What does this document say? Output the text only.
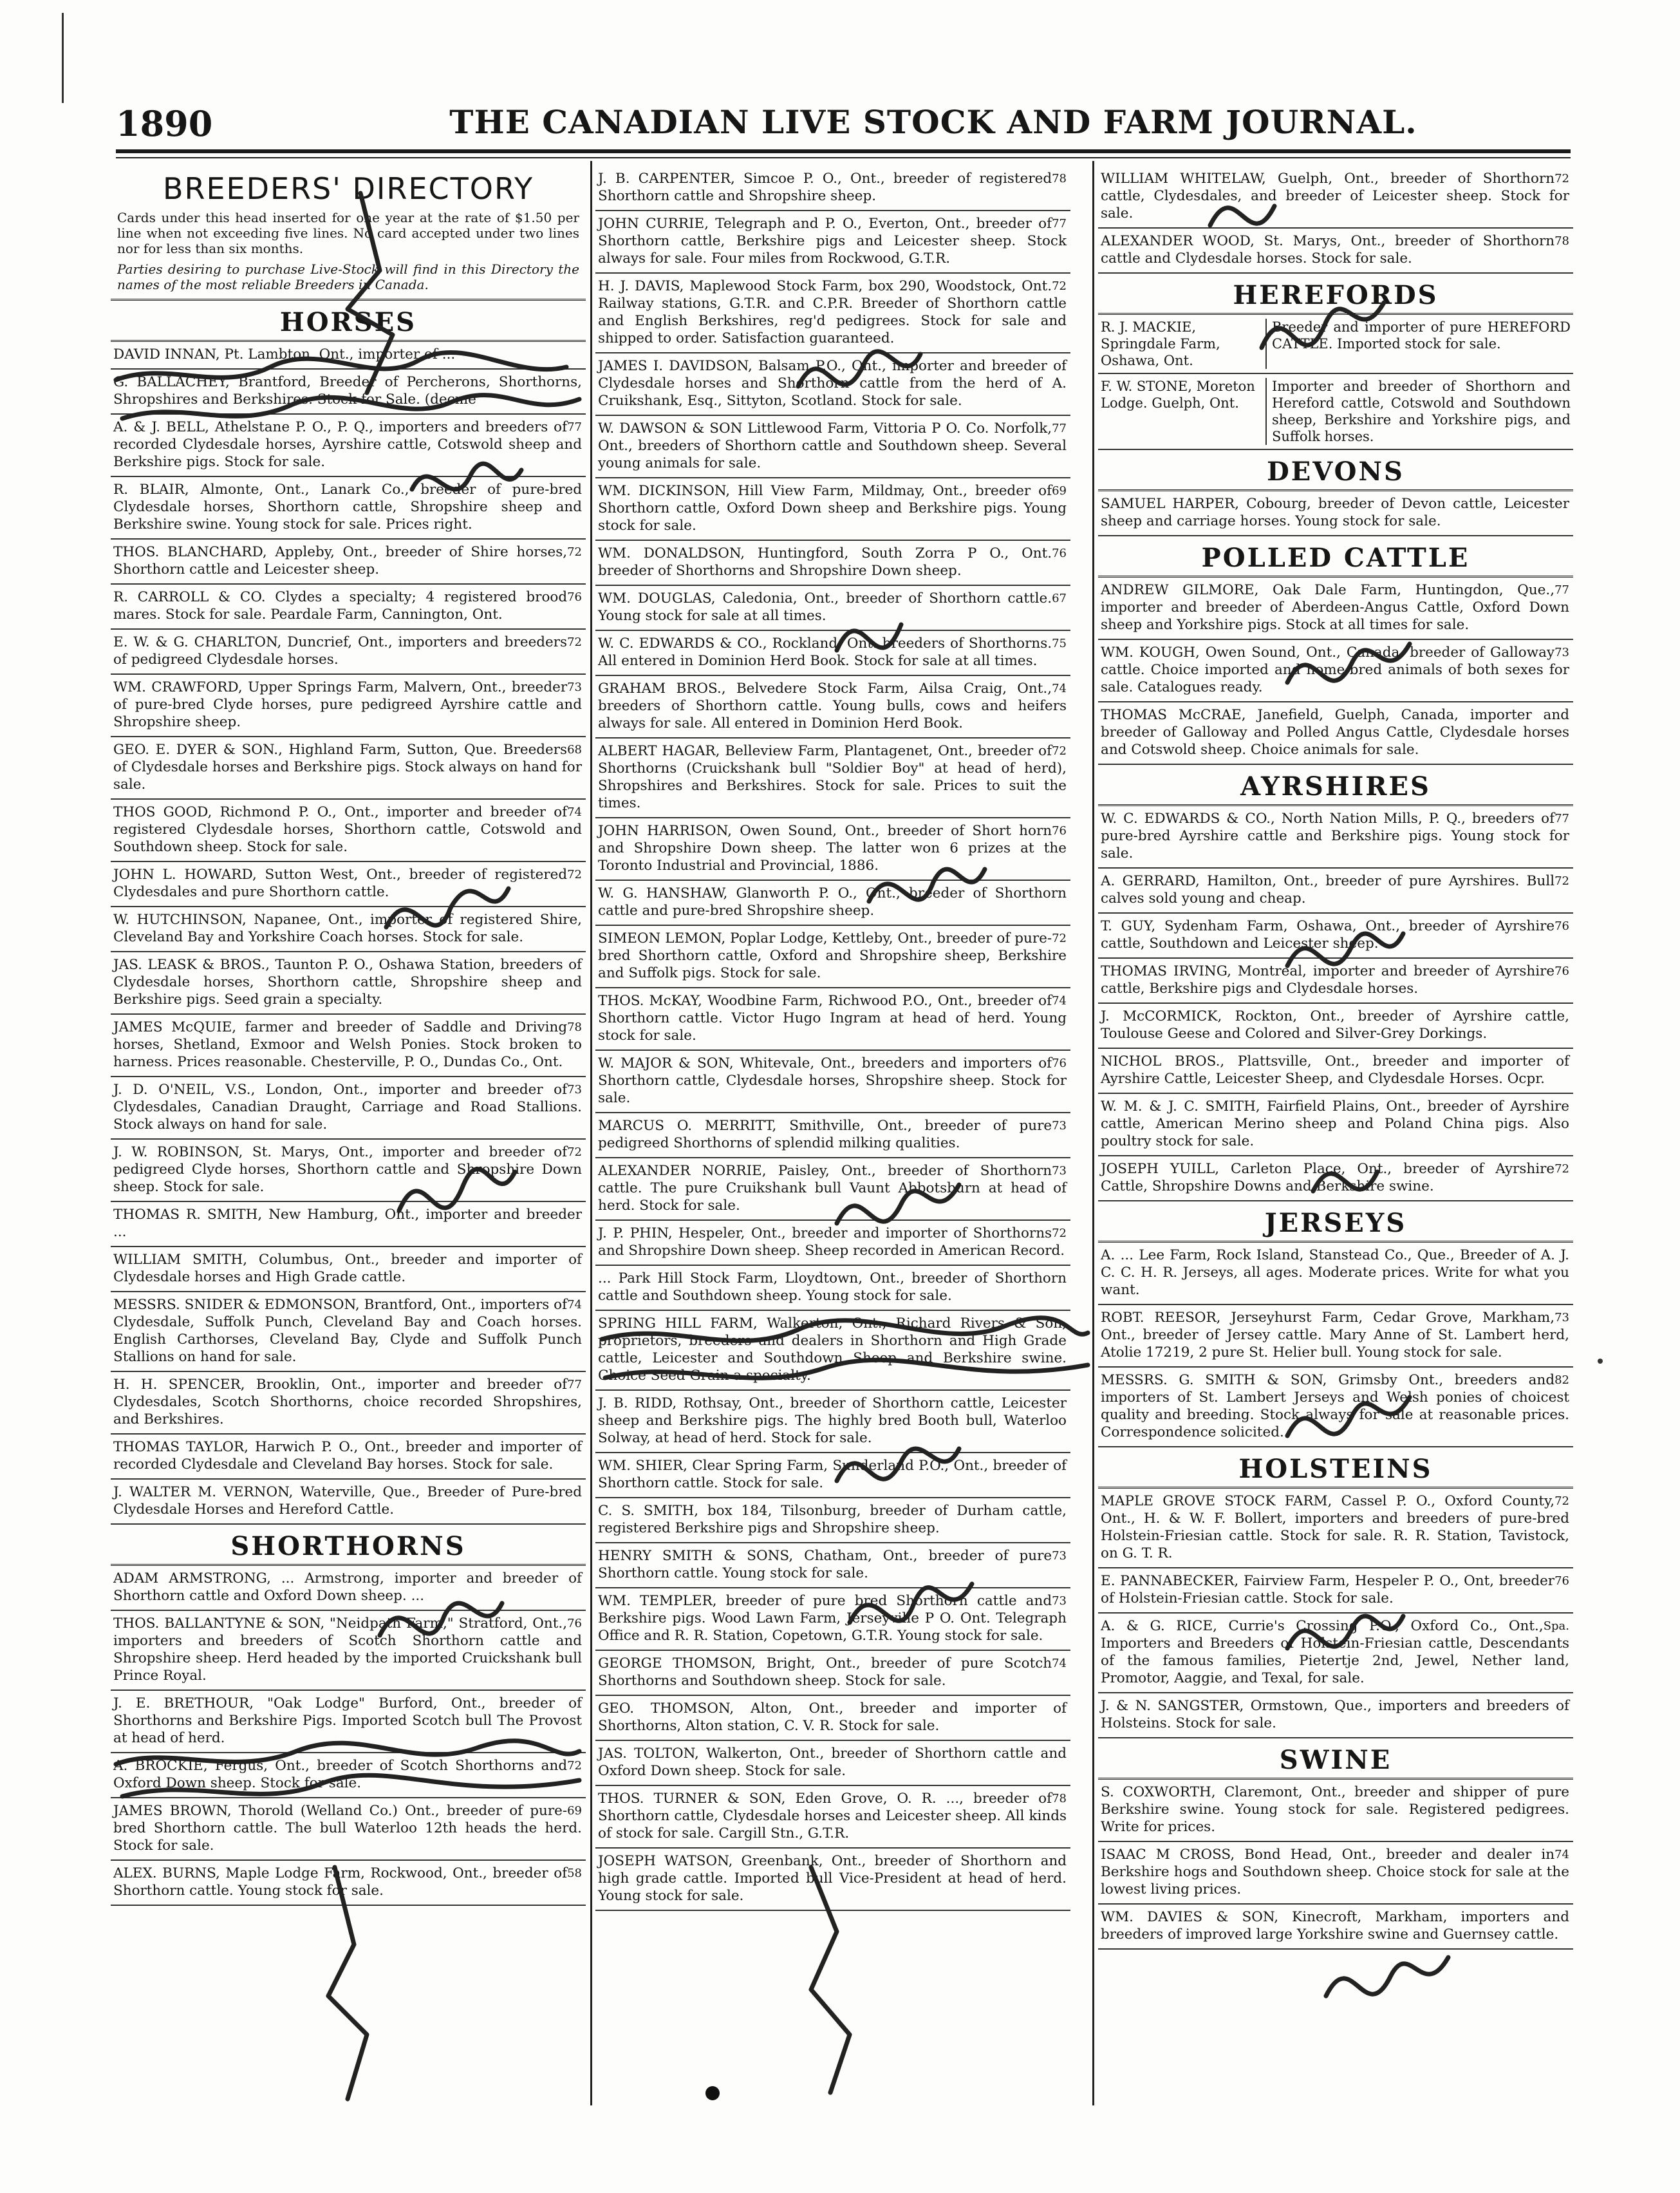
1890	THE CANADIAN LIVE STOCK AND FARM JOURNAL.
BREEDERS' DIRECTORY
Cards under this head inserted for one year at the rate of $1.50 per line when not exceeding five lines. No card accepted under two lines nor for less than six months.
Parties desiring to purchase Live-Stock will find in this Directory the names of the most reliable Breeders in Canada.
HORSES
DAVID INNAN, Pt. Lambton, Ont., importer of ...
G. BALLACHEY, Brantford, Breeder of Percherons, Shorthorns, Shropshires and Berkshires. Stock for Sale. (decme
77
A. & J. BELL, Athelstane P. O., P. Q., importers and breeders of recorded Clydesdale horses, Ayrshire cattle, Cotswold sheep and Berkshire pigs. Stock for sale.
R. BLAIR, Almonte, Ont., Lanark Co., breeder of pure-bred Clydesdale horses, Shorthorn cattle, Shropshire sheep and Berkshire swine. Young stock for sale. Prices right.
72
THOS. BLANCHARD, Appleby, Ont., breeder of Shire horses, Shorthorn cattle and Leicester sheep.
76
R. CARROLL & CO. Clydes a specialty; 4 registered brood mares. Stock for sale. Peardale Farm, Cannington, Ont.
72
E. W. & G. CHARLTON, Duncrief, Ont., importers and breeders of pedigreed Clydesdale horses.
73
WM. CRAWFORD, Upper Springs Farm, Malvern, Ont., breeder of pure-bred Clyde horses, pure pedigreed Ayrshire cattle and Shropshire sheep.
68
GEO. E. DYER & SON., Highland Farm, Sutton, Que. Breeders of Clydesdale horses and Berkshire pigs. Stock always on hand for sale.
74
THOS GOOD, Richmond P. O., Ont., importer and breeder of registered Clydesdale horses, Shorthorn cattle, Cotswold and Southdown sheep. Stock for sale.
72
JOHN L. HOWARD, Sutton West, Ont., breeder of registered Clydesdales and pure Shorthorn cattle.
W. HUTCHINSON, Napanee, Ont., importer of registered Shire, Cleveland Bay and Yorkshire Coach horses. Stock for sale.
JAS. LEASK & BROS., Taunton P. O., Oshawa Station, breeders of Clydesdale horses, Shorthorn cattle, Shropshire sheep and Berkshire pigs. Seed grain a specialty.
78
JAMES McQUIE, farmer and breeder of Saddle and Driving horses, Shetland, Exmoor and Welsh Ponies. Stock broken to harness. Prices reasonable. Chesterville, P. O., Dundas Co., Ont.
73
J. D. O'NEIL, V.S., London, Ont., importer and breeder of Clydesdales, Canadian Draught, Carriage and Road Stallions. Stock always on hand for sale.
72
J. W. ROBINSON, St. Marys, Ont., importer and breeder of pedigreed Clyde horses, Shorthorn cattle and Shropshire Down sheep. Stock for sale.
THOMAS R. SMITH, New Hamburg, Ont., importer and breeder ...
WILLIAM SMITH, Columbus, Ont., breeder and importer of Clydesdale horses and High Grade cattle.
74
MESSRS. SNIDER & EDMONSON, Brantford, Ont., importers of Clydesdale, Suffolk Punch, Cleveland Bay and Coach horses. English Carthorses, Cleveland Bay, Clyde and Suffolk Punch Stallions on hand for sale.
77
H. H. SPENCER, Brooklin, Ont., importer and breeder of Clydesdales, Scotch Shorthorns, choice recorded Shropshires, and Berkshires.
THOMAS TAYLOR, Harwich P. O., Ont., breeder and importer of recorded Clydesdale and Cleveland Bay horses. Stock for sale.
J. WALTER M. VERNON, Waterville, Que., Breeder of Pure-bred Clydesdale Horses and Hereford Cattle.
SHORTHORNS
ADAM ARMSTRONG, ... Armstrong, importer and breeder of Shorthorn cattle and Oxford Down sheep. ...
76
THOS. BALLANTYNE & SON, "Neidpath Farm," Stratford, Ont., importers and breeders of Scotch Shorthorn cattle and Shropshire sheep. Herd headed by the imported Cruickshank bull Prince Royal.
J. E. BRETHOUR, "Oak Lodge" Burford, Ont., breeder of Shorthorns and Berkshire Pigs. Imported Scotch bull The Provost at head of herd.
72
A. BROCKIE, Fergus, Ont., breeder of Scotch Shorthorns and Oxford Down sheep. Stock for sale.
69
JAMES BROWN, Thorold (Welland Co.) Ont., breeder of pure-bred Shorthorn cattle. The bull Waterloo 12th heads the herd. Stock for sale.
58
ALEX. BURNS, Maple Lodge Farm, Rockwood, Ont., breeder of Shorthorn cattle. Young stock for sale.
78
J. B. CARPENTER, Simcoe P. O., Ont., breeder of registered Shorthorn cattle and Shropshire sheep.
77
JOHN CURRIE, Telegraph and P. O., Everton, Ont., breeder of Shorthorn cattle, Berkshire pigs and Leicester sheep. Stock always for sale. Four miles from Rockwood, G.T.R.
72
H. J. DAVIS, Maplewood Stock Farm, box 290, Woodstock, Ont. Railway stations, G.T.R. and C.P.R. Breeder of Shorthorn cattle and English Berkshires, reg'd pedigrees. Stock for sale and shipped to order. Satisfaction guaranteed.
JAMES I. DAVIDSON, Balsam P.O., Ont., importer and breeder of Clydesdale horses and Shorthorn cattle from the herd of A. Cruikshank, Esq., Sittyton, Scotland. Stock for sale.
77
W. DAWSON & SON Littlewood Farm, Vittoria P O. Co. Norfolk, Ont., breeders of Shorthorn cattle and Southdown sheep. Several young animals for sale.
69
WM. DICKINSON, Hill View Farm, Mildmay, Ont., breeder of Shorthorn cattle, Oxford Down sheep and Berkshire pigs. Young stock for sale.
76
WM. DONALDSON, Huntingford, South Zorra P O., Ont. breeder of Shorthorns and Shropshire Down sheep.
67
WM. DOUGLAS, Caledonia, Ont., breeder of Shorthorn cattle. Young stock for sale at all times.
75
W. C. EDWARDS & CO., Rockland, Ont. breeders of Shorthorns. All entered in Dominion Herd Book. Stock for sale at all times.
74
GRAHAM BROS., Belvedere Stock Farm, Ailsa Craig, Ont., breeders of Shorthorn cattle. Young bulls, cows and heifers always for sale. All entered in Dominion Herd Book.
72
ALBERT HAGAR, Belleview Farm, Plantagenet, Ont., breeder of Shorthorns (Cruickshank bull "Soldier Boy" at head of herd), Shropshires and Berkshires. Stock for sale. Prices to suit the times.
76
JOHN HARRISON, Owen Sound, Ont., breeder of Short horn and Shropshire Down sheep. The latter won 6 prizes at the Toronto Industrial and Provincial, 1886.
W. G. HANSHAW, Glanworth P. O., Ont., breeder of Shorthorn cattle and pure-bred Shropshire sheep.
72
SIMEON LEMON, Poplar Lodge, Kettleby, Ont., breeder of pure-bred Shorthorn cattle, Oxford and Shropshire sheep, Berkshire and Suffolk pigs. Stock for sale.
74
THOS. McKAY, Woodbine Farm, Richwood P.O., Ont., breeder of Shorthorn cattle. Victor Hugo Ingram at head of herd. Young stock for sale.
76
W. MAJOR & SON, Whitevale, Ont., breeders and importers of Shorthorn cattle, Clydesdale horses, Shropshire sheep. Stock for sale.
73
MARCUS O. MERRITT, Smithville, Ont., breeder of pure pedigreed Shorthorns of splendid milking qualities.
73
ALEXANDER NORRIE, Paisley, Ont., breeder of Shorthorn cattle. The pure Cruikshank bull Vaunt Abbotsburn at head of herd. Stock for sale.
72
J. P. PHIN, Hespeler, Ont., breeder and importer of Shorthorns and Shropshire Down sheep. Sheep recorded in American Record.
... Park Hill Stock Farm, Lloydtown, Ont., breeder of Shorthorn cattle and Southdown sheep. Young stock for sale.
SPRING HILL FARM, Walkerton, Ont., Richard Rivers & Son, proprietors, breeders and dealers in Shorthorn and High Grade cattle, Leicester and Southdown Sheep and Berkshire swine. Choice Seed Grain a specialty.
J. B. RIDD, Rothsay, Ont., breeder of Shorthorn cattle, Leicester sheep and Berkshire pigs. The highly bred Booth bull, Waterloo Solway, at head of herd. Stock for sale.
WM. SHIER, Clear Spring Farm, Sunderland P.O., Ont., breeder of Shorthorn cattle. Stock for sale.
C. S. SMITH, box 184, Tilsonburg, breeder of Durham cattle, registered Berkshire pigs and Shropshire sheep.
73
HENRY SMITH & SONS, Chatham, Ont., breeder of pure Shorthorn cattle. Young stock for sale.
73
WM. TEMPLER, breeder of pure bred Shorthorn cattle and Berkshire pigs. Wood Lawn Farm, Jerseyville P O. Ont. Telegraph Office and R. R. Station, Copetown, G.T.R. Young stock for sale.
74
GEORGE THOMSON, Bright, Ont., breeder of pure Scotch Shorthorns and Southdown sheep. Stock for sale.
GEO. THOMSON, Alton, Ont., breeder and importer of Shorthorns, Alton station, C. V. R. Stock for sale.
JAS. TOLTON, Walkerton, Ont., breeder of Shorthorn cattle and Oxford Down sheep. Stock for sale.
78
THOS. TURNER & SON, Eden Grove, O. R. ..., breeder of Shorthorn cattle, Clydesdale horses and Leicester sheep. All kinds of stock for sale. Cargill Stn., G.T.R.
JOSEPH WATSON, Greenbank, Ont., breeder of Shorthorn and high grade cattle. Imported bull Vice-President at head of herd. Young stock for sale.
72
WILLIAM WHITELAW, Guelph, Ont., breeder of Shorthorn cattle, Clydesdales, and breeder of Leicester sheep. Stock for sale.
78
ALEXANDER WOOD, St. Marys, Ont., breeder of Shorthorn cattle and Clydesdale horses. Stock for sale.
HEREFORDS
R. J. MACKIE, Springdale Farm, Oshawa, Ont.
Breeder and importer of pure HEREFORD CATTLE. Imported stock for sale.
F. W. STONE, Moreton Lodge. Guelph, Ont.
Importer and breeder of Shorthorn and Hereford cattle, Cotswold and Southdown sheep, Berkshire and Yorkshire pigs, and Suffolk horses.
DEVONS
SAMUEL HARPER, Cobourg, breeder of Devon cattle, Leicester sheep and carriage horses. Young stock for sale.
POLLED CATTLE
77
ANDREW GILMORE, Oak Dale Farm, Huntingdon, Que., importer and breeder of Aberdeen-Angus Cattle, Oxford Down sheep and Yorkshire pigs. Stock at all times for sale.
73
WM. KOUGH, Owen Sound, Ont., Canada, breeder of Galloway cattle. Choice imported and home-bred animals of both sexes for sale. Catalogues ready.
THOMAS McCRAE, Janefield, Guelph, Canada, importer and breeder of Galloway and Polled Angus Cattle, Clydesdale horses and Cotswold sheep. Choice animals for sale.
AYRSHIRES
77
W. C. EDWARDS & CO., North Nation Mills, P. Q., breeders of pure-bred Ayrshire cattle and Berkshire pigs. Young stock for sale.
72
A. GERRARD, Hamilton, Ont., breeder of pure Ayrshires. Bull calves sold young and cheap.
76
T. GUY, Sydenham Farm, Oshawa, Ont., breeder of Ayrshire cattle, Southdown and Leicester sheep.
76
THOMAS IRVING, Montreal, importer and breeder of Ayrshire cattle, Berkshire pigs and Clydesdale horses.
J. McCORMICK, Rockton, Ont., breeder of Ayrshire cattle, Toulouse Geese and Colored and Silver-Grey Dorkings.
NICHOL BROS., Plattsville, Ont., breeder and importer of Ayrshire Cattle, Leicester Sheep, and Clydesdale Horses. Ocpr.
W. M. & J. C. SMITH, Fairfield Plains, Ont., breeder of Ayrshire cattle, American Merino sheep and Poland China pigs. Also poultry stock for sale.
72
JOSEPH YUILL, Carleton Place, Ont., breeder of Ayrshire Cattle, Shropshire Downs and Berkshire swine.
JERSEYS
A. ... Lee Farm, Rock Island, Stanstead Co., Que., Breeder of A. J. C. C. H. R. Jerseys, all ages. Moderate prices. Write for what you want.
73
ROBT. REESOR, Jerseyhurst Farm, Cedar Grove, Markham, Ont., breeder of Jersey cattle. Mary Anne of St. Lambert herd, Atolie 17219, 2 pure St. Helier bull. Young stock for sale.
82
MESSRS. G. SMITH & SON, Grimsby Ont., breeders and importers of St. Lambert Jerseys and Welsh ponies of choicest quality and breeding. Stock always for sale at reasonable prices. Correspondence solicited.
HOLSTEINS
72
MAPLE GROVE STOCK FARM, Cassel P. O., Oxford County, Ont., H. & W. F. Bollert, importers and breeders of pure-bred Holstein-Friesian cattle. Stock for sale. R. R. Station, Tavistock, on G. T. R.
76
E. PANNABECKER, Fairview Farm, Hespeler P. O., Ont, breeder of Holstein-Friesian cattle. Stock for sale.
Spa.
A. & G. RICE, Currie's Crossing P.O., Oxford Co., Ont., Importers and Breeders of Holstein-Friesian cattle, Descendants of the famous families, Pietertje 2nd, Jewel, Nether land, Promotor, Aaggie, and Texal, for sale.
J. & N. SANGSTER, Ormstown, Que., importers and breeders of Holsteins. Stock for sale.
SWINE
S. COXWORTH, Claremont, Ont., breeder and shipper of pure Berkshire swine. Young stock for sale. Registered pedigrees. Write for prices.
74
ISAAC M CROSS, Bond Head, Ont., breeder and dealer in Berkshire hogs and Southdown sheep. Choice stock for sale at the lowest living prices.
WM. DAVIES & SON, Kinecroft, Markham, importers and breeders of improved large Yorkshire swine and Guernsey cattle.
